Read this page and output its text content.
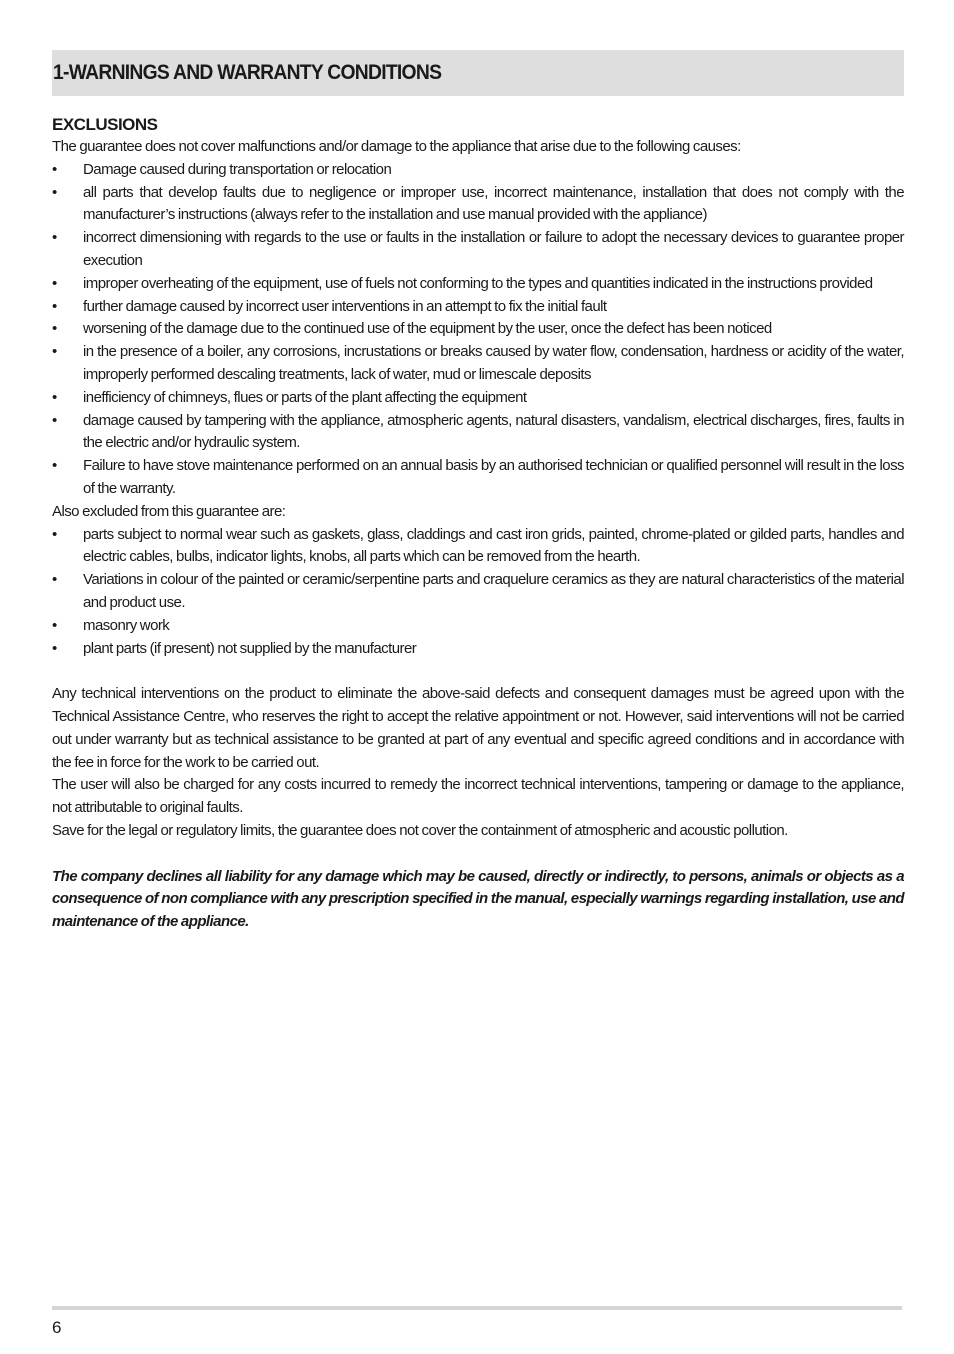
1-WARNINGS AND WARRANTY CONDITIONS
EXCLUSIONS

The guarantee does not cover malfunctions and/or damage to the appliance that arise due to the following causes:

• Damage caused during transportation or relocation
• all parts that develop faults due to negligence or improper use, incorrect maintenance, installation that does not comply with the manufacturer’s instructions (always refer to the installation and use manual provided with the appliance)
• incorrect dimensioning with regards to the use or faults in the installation or failure to adopt the necessary devices to guarantee proper execution
• improper overheating of the equipment, use of fuels not conforming to the types and quantities indicated in the instructions provided
• further damage caused by incorrect user interventions in an attempt to fix the initial fault
• worsening of the damage due to the continued use of the equipment by the user, once the defect has been noticed
• in the presence of a boiler, any corrosions, incrustations or breaks caused by water flow, condensation, hardness or acidity of the water, improperly performed descaling treatments, lack of water, mud or limescale deposits
• inefficiency of chimneys, flues or parts of the plant affecting the equipment
• damage caused by tampering with the appliance, atmospheric agents, natural disasters, vandalism, electrical discharges, fires, faults in the electric and/or hydraulic system.
• Failure to have stove maintenance performed on an annual basis by an authorised technician or qualified personnel will result in the loss of the warranty.

Also excluded from this guarantee are:

• parts subject to normal wear such as gaskets, glass, claddings and cast iron grids, painted, chrome-plated or gilded parts, handles and electric cables, bulbs, indicator lights, knobs, all parts which can be removed from the hearth.
• Variations in colour of the painted or ceramic/serpentine parts and craquelure ceramics as they are natural characteristics of the material and product use.
• masonry work
• plant parts (if present) not supplied by the manufacturer

Any technical interventions on the product to eliminate the above-said defects and consequent damages must be agreed upon with the Technical Assistance Centre, who reserves the right to accept the relative appointment or not. However, said interventions will not be carried out under warranty but as technical assistance to be granted at part of any eventual and specific agreed conditions and in accordance with the fee in force for the work to be carried out.

The user will also be charged for any costs incurred to remedy the incorrect technical interventions, tampering or damage to the appliance, not attributable to original faults.

Save for the legal or regulatory limits, the guarantee does not cover the containment of atmospheric and acoustic pollution.

The company declines all liability for any damage which may be caused, directly or indirectly, to persons, animals or objects as a consequence of non compliance with any prescription specified in the manual, especially warnings regarding installation, use and maintenance of the appliance.

6
